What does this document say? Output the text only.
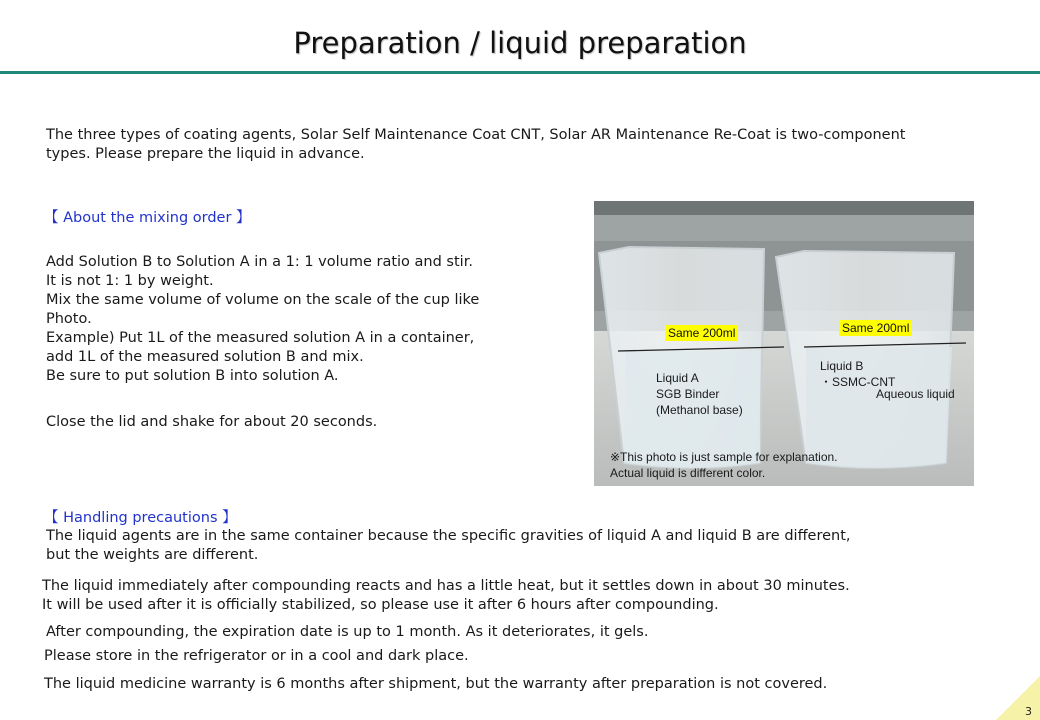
Preparation / liquid preparation

The three types of coating agents, Solar Self Maintenance Coat CNT, Solar AR Maintenance Re-Coat is two-component
types. Please prepare the liquid in advance.

【 About the mixing order 】

Add Solution B to Solution A in a 1: 1 volume ratio and stir.
It is not 1: 1 by weight.
Mix the same volume of volume on the scale of the cup like
Photo.
Example) Put 1L of the measured solution A in a container,
add 1L of the measured solution B and mix.
Be sure to put solution B into solution A.

Close the lid and shake for about 20 seconds.

Liquid A
SGB Binder
(Methanol base)
Liquid B
・SSMC-CNT
Aqueous liquid
※This photo is just sample for explanation.
Actual liquid is different color.
Same 200ml	Same 200ml
【 Handling precautions 】

The liquid agents are in the same container because the specific gravities of liquid A and liquid B are different,
but the weights are different.

The liquid immediately after compounding reacts and has a little heat, but it settles down in about 30 minutes.
It will be used after it is officially stabilized, so please use it after 6 hours after compounding.

After compounding, the expiration date is up to 1 month. As it deteriorates, it gels.

Please store in the refrigerator or in a cool and dark place.

The liquid medicine warranty is 6 months after shipment, but the warranty after preparation is not covered.

3
